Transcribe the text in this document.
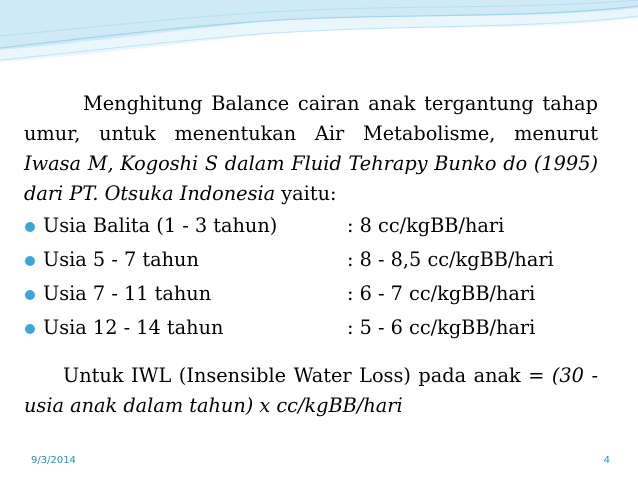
Menghitung Balance cairan anak tergantung tahap umur, untuk menentukan Air Metabolisme, menurut Iwasa M, Kogoshi S dalam Fluid Tehrapy Bunko do (1995) dari PT. Otsuka Indonesia yaitu:

Usia Balita (1 - 3 tahun)	: 8 cc/kgBB/hari
Usia 5 - 7 tahun	: 8 - 8,5 cc/kgBB/hari
Usia 7 - 11 tahun	: 6 - 7 cc/kgBB/hari
Usia 12 - 14 tahun	: 5 - 6 cc/kgBB/hari

Untuk IWL (Insensible Water Loss) pada anak = (30 - usia anak dalam tahun) x cc/kgBB/hari

9/3/2014	4
